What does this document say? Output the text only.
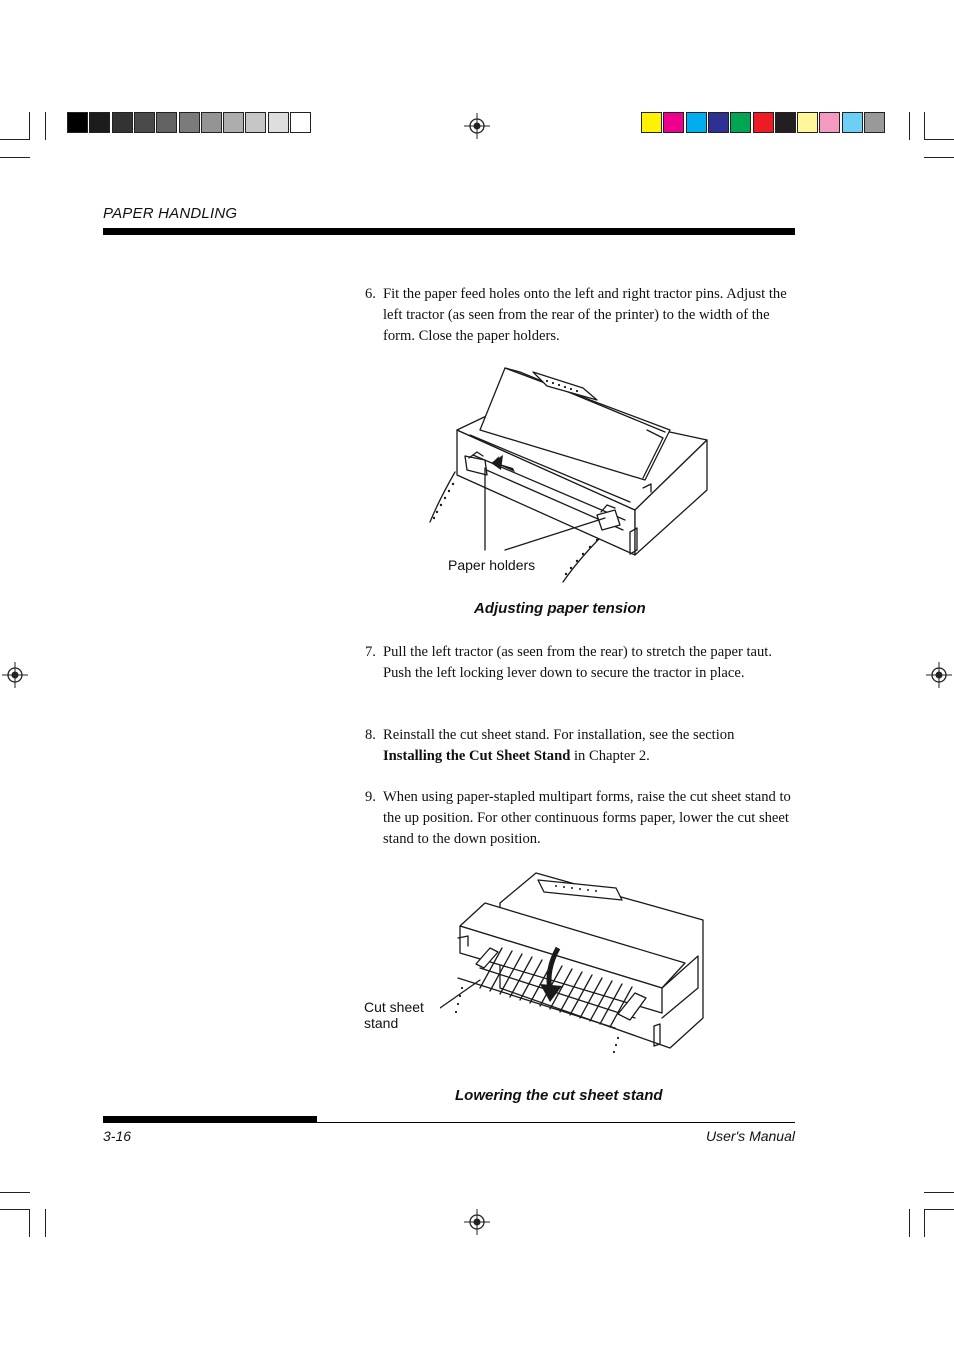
PAPER HANDLING
6. Fit the paper feed holes onto the left and right tractor pins. Adjust the left tractor (as seen from the rear of the printer) to the width of the form. Close the paper holders.
Paper holders
Adjusting paper tension
7. Pull the left tractor (as seen from the rear) to stretch the paper taut. Push the left locking lever down to secure the tractor in place.
8. Reinstall the cut sheet stand. For installation, see the section Installing the Cut Sheet Stand in Chapter 2.
9. When using paper-stapled multipart forms, raise the cut sheet stand to the up position. For other continuous forms paper, lower the cut sheet stand to the down position.
Cut sheet
stand
Lowering the cut sheet stand
3-16	User's Manual
